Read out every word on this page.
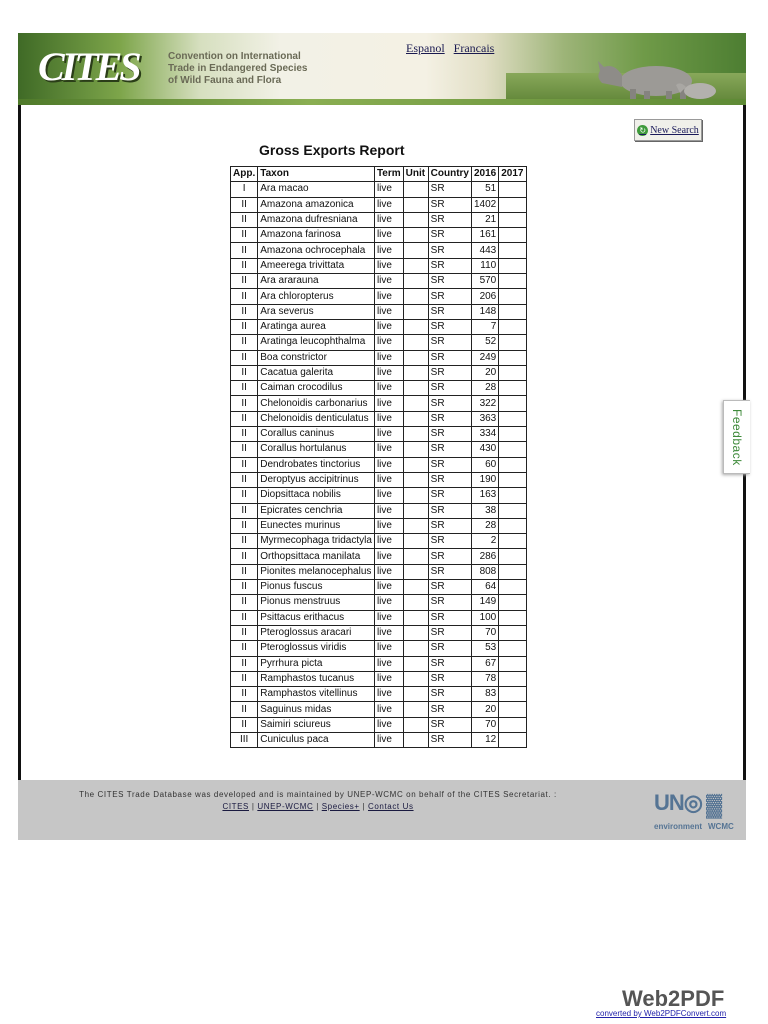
CITES	Convention on International
Trade in Endangered Species
of Wild Fauna and Flora
Espanol Francais
↻ New Search
Gross Exports Report
App.	Taxon	Term	Unit	Country	2016	2017
I	Ara macao	live		SR	51	
II	Amazona amazonica	live		SR	1402	
II	Amazona dufresniana	live		SR	21	
II	Amazona farinosa	live		SR	161	
II	Amazona ochrocephala	live		SR	443	
II	Ameerega trivittata	live		SR	110	
II	Ara ararauna	live		SR	570	
II	Ara chloropterus	live		SR	206	
II	Ara severus	live		SR	148	
II	Aratinga aurea	live		SR	7	
II	Aratinga leucophthalma	live		SR	52	
II	Boa constrictor	live		SR	249	
II	Cacatua galerita	live		SR	20	
II	Caiman crocodilus	live		SR	28	
II	Chelonoidis carbonarius	live		SR	322	
II	Chelonoidis denticulatus	live		SR	363	
II	Corallus caninus	live		SR	334	
II	Corallus hortulanus	live		SR	430	
II	Dendrobates tinctorius	live		SR	60	
II	Deroptyus accipitrinus	live		SR	190	
II	Diopsittaca nobilis	live		SR	163	
II	Epicrates cenchria	live		SR	38	
II	Eunectes murinus	live		SR	28	
II	Myrmecophaga tridactyla	live		SR	2	
II	Orthopsittaca manilata	live		SR	286	
II	Pionites melanocephalus	live		SR	808	
II	Pionus fuscus	live		SR	64	
II	Pionus menstruus	live		SR	149	
II	Psittacus erithacus	live		SR	100	
II	Pteroglossus aracari	live		SR	70	
II	Pteroglossus viridis	live		SR	53	
II	Pyrrhura picta	live		SR	67	
II	Ramphastos tucanus	live		SR	78	
II	Ramphastos vitellinus	live		SR	83	
II	Saguinus midas	live		SR	20	
II	Saimiri sciureus	live		SR	70	
III	Cuniculus paca	live		SR	12	
Feedback
The CITES Trade Database was developed and is maintained by UNEP-WCMC on behalf of the CITES Secretariat. :
CITES | UNEP-WCMC | Species+ | Contact Us	UN◎
environment
▓
WCMC
Web2PDF
converted by Web2PDFConvert.com
